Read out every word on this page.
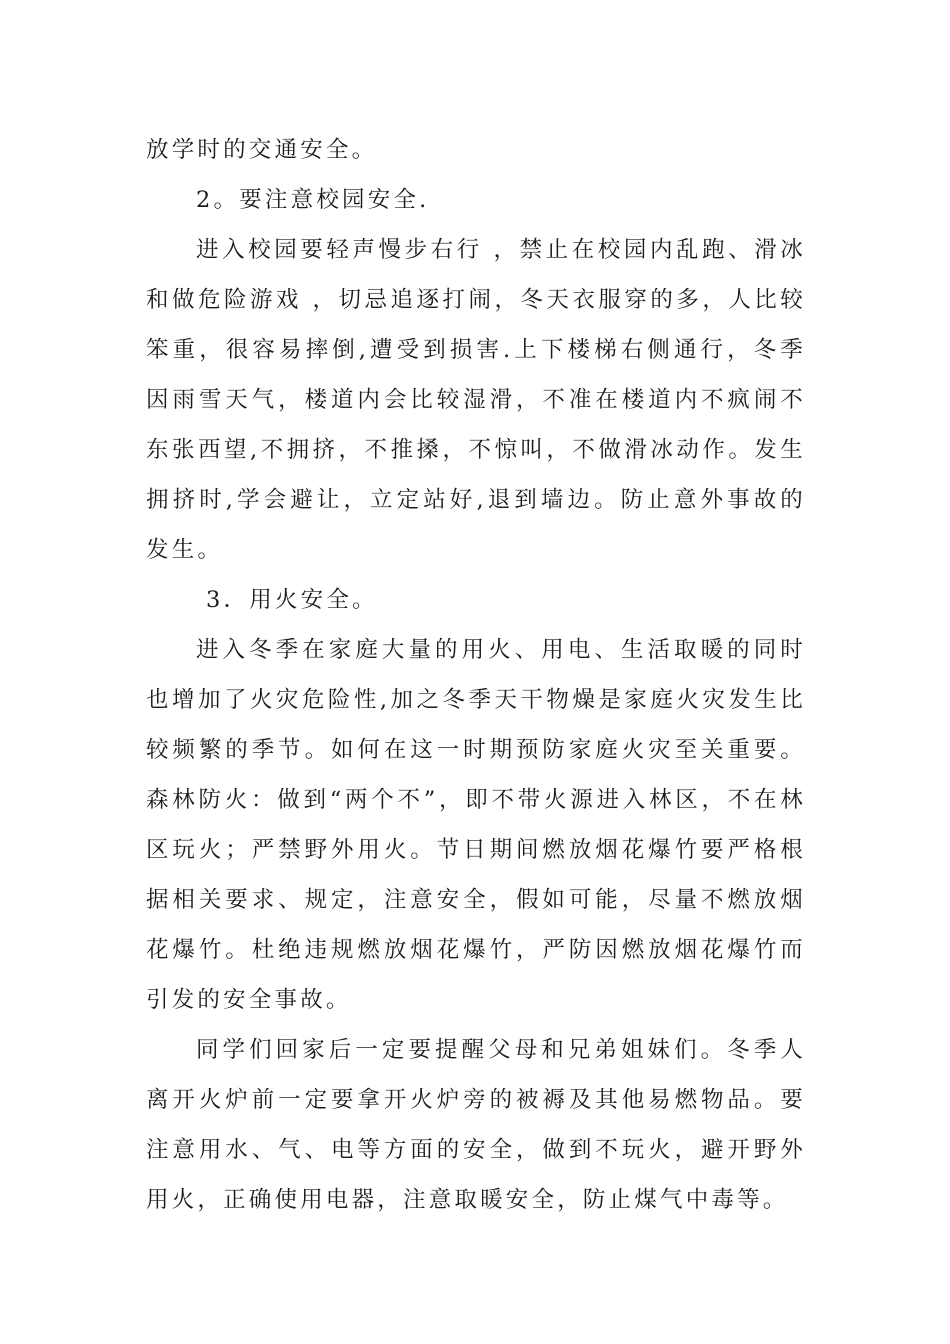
放学时的交通安全。
2。要注意校园安全.
进入校园要轻声慢步右行 ，禁止在校园内乱跑、滑冰和做危险游戏 ，切忌追逐打闹，冬天衣服穿的多，人比较笨重，很容易摔倒,遭受到损害.上下楼梯右侧通行，冬季因雨雪天气，楼道内会比较湿滑，不准在楼道内不疯闹不东张西望,不拥挤，不推搡，不惊叫，不做滑冰动作。发生拥挤时,学会避让，立定站好,退到墙边。防止意外事故的发生。
3．用火安全。
进入冬季在家庭大量的用火、用电、生活取暖的同时也增加了火灾危险性,加之冬季天干物燥是家庭火灾发生比较频繁的季节。如何在这一时期预防家庭火灾至关重要。森林防火：做到“两个不”，即不带火源进入林区，不在林区玩火；严禁野外用火。节日期间燃放烟花爆竹要严格根据相关要求、规定，注意安全，假如可能，尽量不燃放烟花爆竹。杜绝违规燃放烟花爆竹，严防因燃放烟花爆竹而引发的安全事故。
同学们回家后一定要提醒父母和兄弟姐妹们。冬季人离开火炉前一定要拿开火炉旁的被褥及其他易燃物品。要注意用水、气、电等方面的安全，做到不玩火，避开野外用火，正确使用电器，注意取暖安全，防止煤气中毒等。
